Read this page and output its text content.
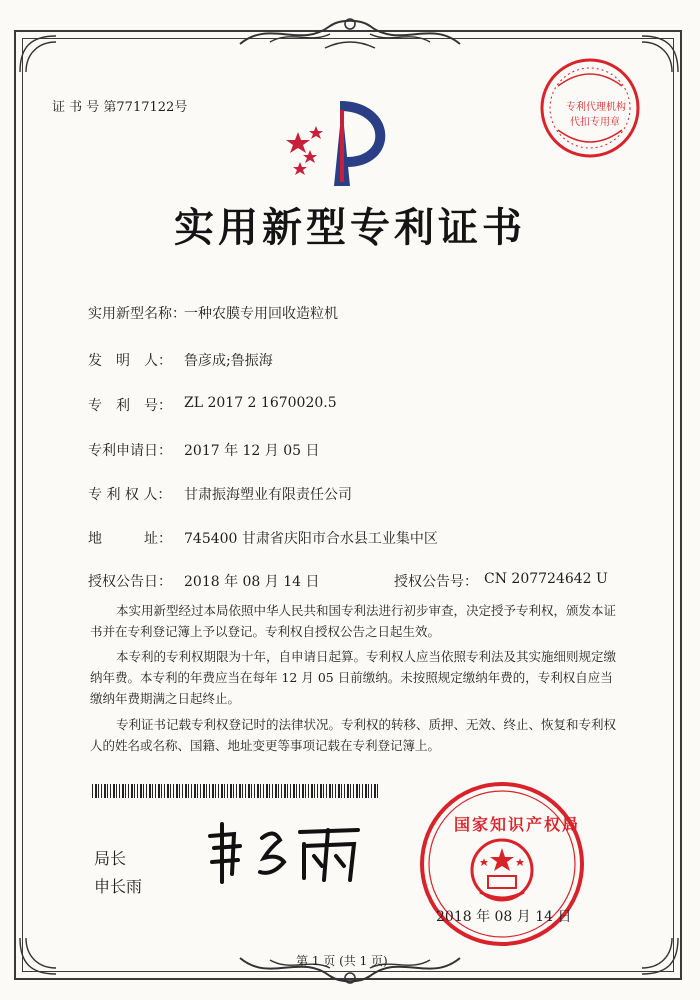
证 书 号 第7717122号	专利代理机构
代扣专用章
实用新型专利证书
实用新型名称：
一种农膜专用回收造粒机
发　明　人： 鲁彦成;鲁振海
专　利　号： ZL 2017 2 1670020.5
专利申请日： 2017 年 12 月 05 日
专 利 权 人： 甘肃振海塑业有限责任公司
地　　　址： 745400 甘肃省庆阳市合水县工业集中区
授权公告日： 2018 年 08 月 14 日	授权公告号： CN 207724642 U
本实用新型经过本局依照中华人民共和国专利法进行初步审查，决定授予专利权，颁发本证书并在专利登记簿上予以登记。专利权自授权公告之日起生效。
本专利的专利权期限为十年，自申请日起算。专利权人应当依照专利法及其实施细则规定缴纳年费。本专利的年费应当在每年 12 月 05 日前缴纳。未按照规定缴纳年费的，专利权自应当缴纳年费期满之日起终止。
专利证书记载专利权登记时的法律状况。专利权的转移、质押、无效、终止、恢复和专利权人的姓名或名称、国籍、地址变更等事项记载在专利登记簿上。
局长
申长雨
国家知识产权局
2018 年 08 月 14 日
第 1 页 (共 1 页)
